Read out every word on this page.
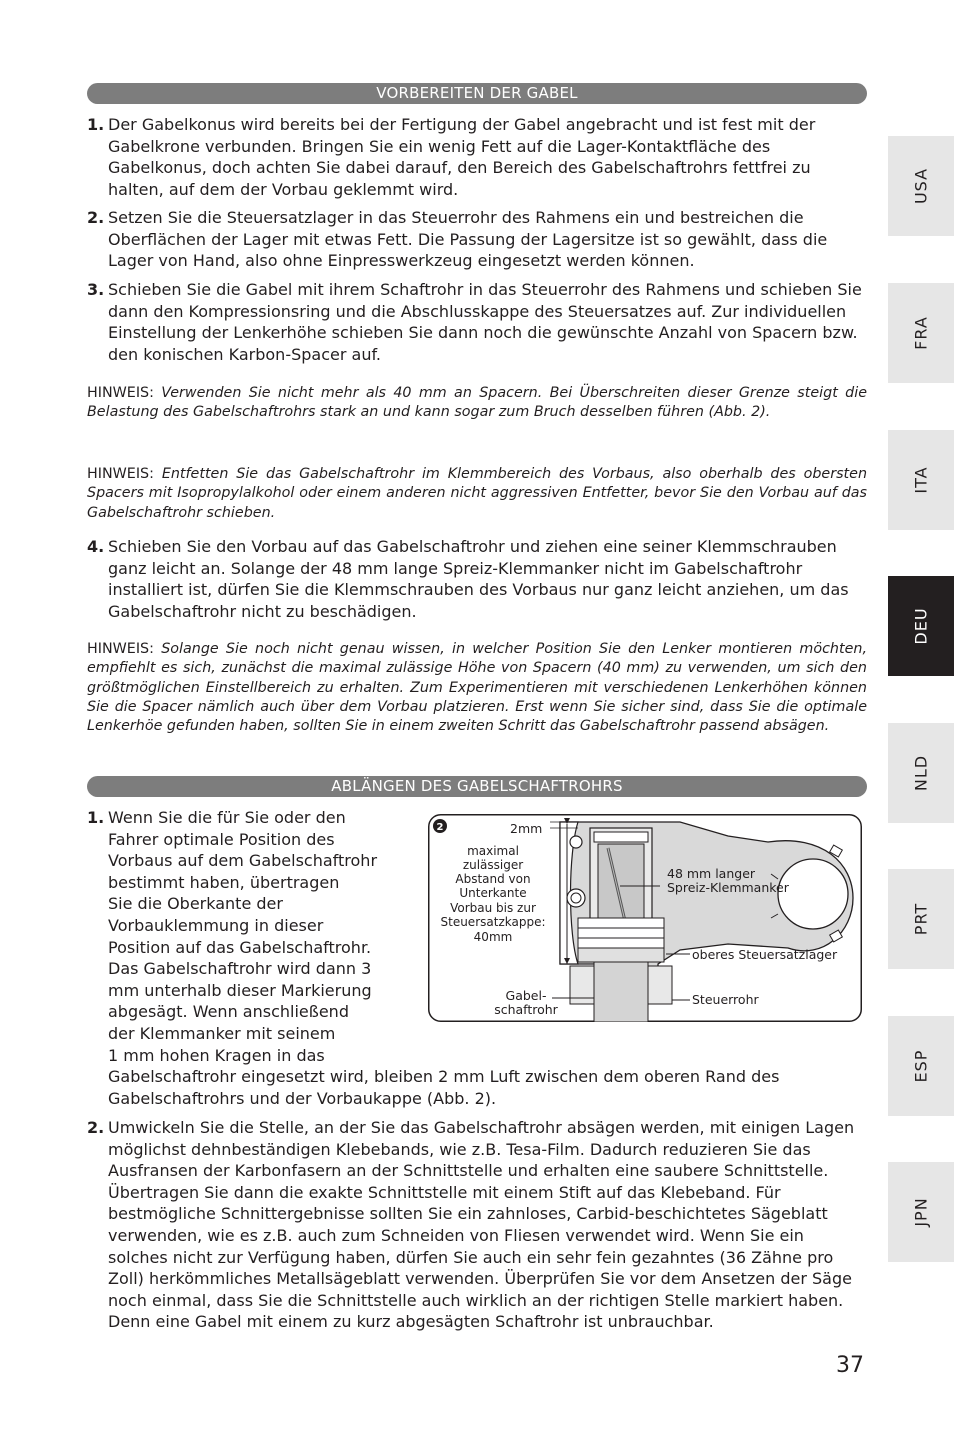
VORBEREITEN DER GABEL
1. Der Gabelkonus wird bereits bei der Fertigung der Gabel angebracht und ist fest mit der Gabelkrone verbunden. Bringen Sie ein wenig Fett auf die Lager-Kontaktfläche des Gabelkonus, doch achten Sie dabei darauf, den Bereich des Gabelschaftrohrs fettfrei zu halten, auf dem der Vorbau geklemmt wird.
2. Setzen Sie die Steuersatzlager in das Steuerrohr des Rahmens ein und bestreichen die Oberflächen der Lager mit etwas Fett. Die Passung der Lagersitze ist so gewählt, dass die Lager von Hand, also ohne Einpresswerkzeug eingesetzt werden können.
3. Schieben Sie die Gabel mit ihrem Schaftrohr in das Steuerrohr des Rahmens und schieben Sie dann den Kompressionsring und die Abschlusskappe des Steuersatzes auf. Zur individuellen Einstellung der Lenkerhöhe schieben Sie dann noch die gewünschte Anzahl von Spacern bzw. den konischen Karbon-Spacer auf.
HINWEIS: Verwenden Sie nicht mehr als 40 mm an Spacern. Bei Überschreiten dieser Grenze steigt die Belastung des Gabelschaftrohrs stark an und kann sogar zum Bruch desselben führen (Abb. 2).
HINWEIS: Entfetten Sie das Gabelschaftrohr im Klemmbereich des Vorbaus, also oberhalb des obersten Spacers mit Isopropylalkohol oder einem anderen nicht aggressiven Entfetter, bevor Sie den Vorbau auf das Gabelschaftrohr schieben.
4. Schieben Sie den Vorbau auf das Gabelschaftrohr und ziehen eine seiner Klemmschrauben ganz leicht an. Solange der 48 mm lange Spreiz-Klemmanker nicht im Gabelschaftrohr installiert ist, dürfen Sie die Klemmschrauben des Vorbaus nur ganz leicht anziehen, um das Gabelschaftrohr nicht zu beschädigen.
HINWEIS: Solange Sie noch nicht genau wissen, in welcher Position Sie den Lenker montieren möchten, empfiehlt es sich, zunächst die maximal zulässige Höhe von Spacern (40 mm) zu verwenden, um sich den größtmöglichen Einstellbereich zu erhalten. Zum Experimentieren mit verschiedenen Lenkerhöhen können Sie die Spacer nämlich auch über dem Vorbau platzieren. Erst wenn Sie sicher sind, dass Sie die optimale Lenkerhöe gefunden haben, sollten Sie in einem zweiten Schritt das Gabelschaftrohr passend absägen.
ABLÄNGEN DES GABELSCHAFTROHRS
1. Wenn Sie die für Sie oder den
Fahrer optimale Position des
Vorbaus auf dem Gabelschaftrohr
bestimmt haben, übertragen
Sie die Oberkante der
Vorbauklemmung in dieser
Position auf das Gabelschaftrohr.
Das Gabelschaftrohr wird dann 3
mm unterhalb dieser Markierung
abgesägt. Wenn anschließend
der Klemmanker mit seinem
1 mm hohen Kragen in das
Gabelschaftrohr eingesetzt wird, bleiben 2 mm Luft zwischen dem oberen Rand des Gabelschaftrohrs und der Vorbaukappe (Abb. 2).
2. Umwickeln Sie die Stelle, an der Sie das Gabelschaftrohr absägen werden, mit einigen Lagen möglichst dehnbeständigen Klebebands, wie z.B. Tesa-Film. Dadurch reduzieren Sie das Ausfransen der Karbonfasern an der Schnittstelle und erhalten eine saubere Schnittstelle. Übertragen Sie dann die exakte Schnittstelle mit einem Stift auf das Klebeband. Für bestmögliche Schnittergebnisse sollten Sie ein zahnloses, Carbid-beschichtetes Sägeblatt verwenden, wie es z.B. auch zum Schneiden von Fliesen verwendet wird. Wenn Sie ein solches nicht zur Verfügung haben, dürfen Sie auch ein sehr fein gezahntes (36 Zähne pro Zoll) herkömmliches Metallsägeblatt verwenden. Überprüfen Sie vor dem Ansetzen der Säge noch einmal, dass Sie die Schnittstelle auch wirklich an der richtigen Stelle markiert haben. Denn eine Gabel mit einem zu kurz abgesägten Schaftrohr ist unbrauchbar.
2	2mm
maximal
zulässiger
Abstand von
Unterkante
Vorbau bis zur
Steuersatzkappe:
40mm
48 mm langer
Spreiz-Klemmanker
oberes Steuersatzlager
Steuerrohr
Gabel-
schaftrohr
USA
FRA
ITA
DEU
NLD
PRT
ESP
JPN
37
